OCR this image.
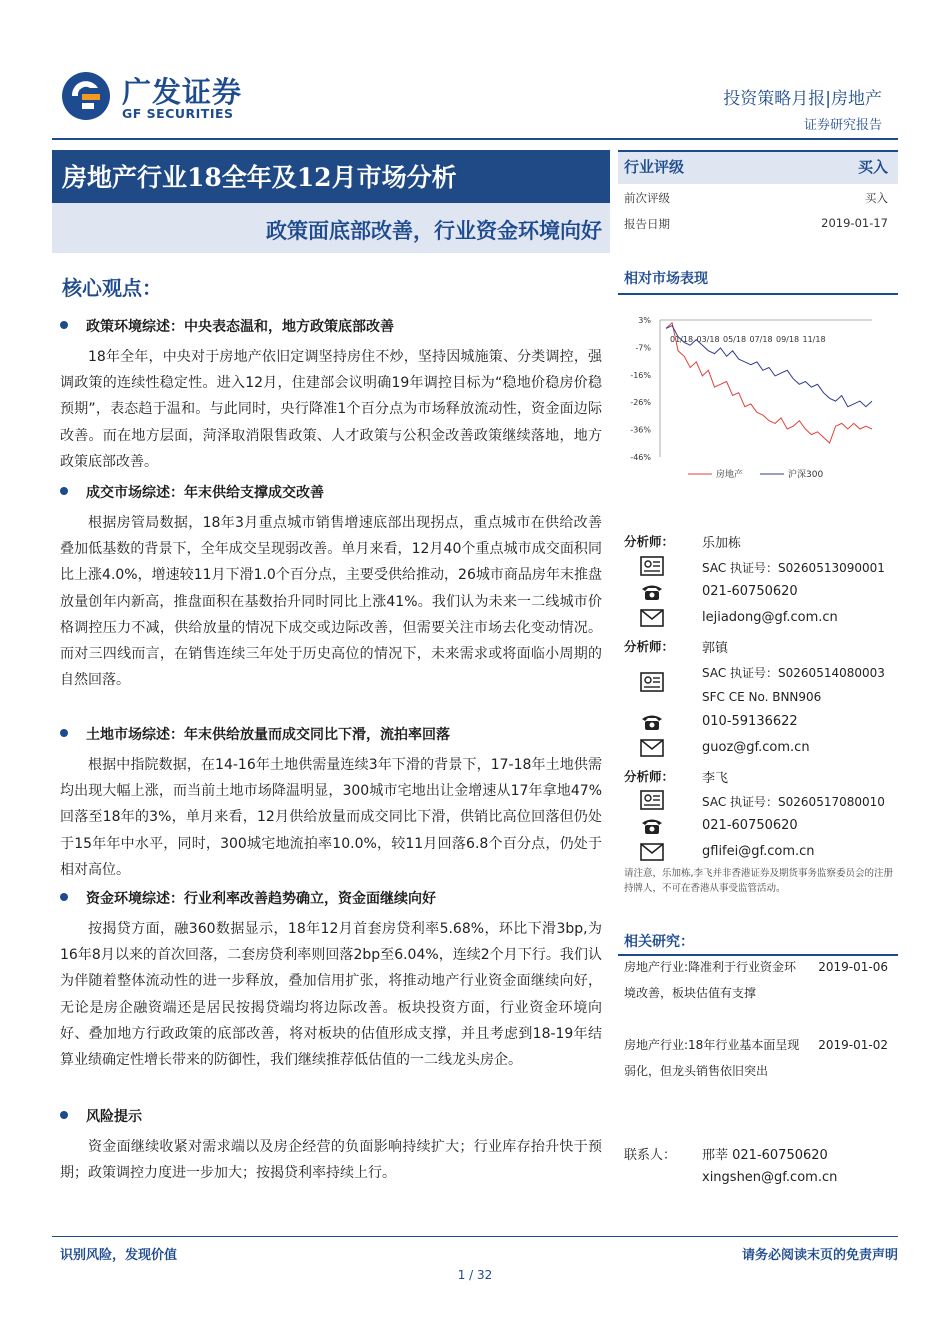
广发证券
GF SECURITIES
投资策略月报|房地产
证券研究报告
房地产行业18全年及12月市场分析
政策面底部改善，行业资金环境向好
行业评级	买入
前次评级	买入
报告日期	2019-01-17
相对市场表现
3%
-7%
-16%
-26%
-36%
-46%
01/18 03/18 05/18 07/18 09/18 11/18
房地产	沪深300
核心观点：
政策环境综述：中央表态温和，地方政策底部改善
18年全年，中央对于房地产依旧定调坚持房住不炒，坚持因城施策、分类调控，强调政策的连续性稳定性。进入12月，住建部会议明确19年调控目标为“稳地价稳房价稳预期”，表态趋于温和。与此同时，央行降准1个百分点为市场释放流动性，资金面边际改善。而在地方层面，菏泽取消限售政策、人才政策与公积金改善政策继续落地，地方政策底部改善。
成交市场综述：年末供给支撑成交改善
根据房管局数据，18年3月重点城市销售增速底部出现拐点，重点城市在供给改善叠加低基数的背景下，全年成交呈现弱改善。单月来看，12月40个重点城市成交面积同比上涨4.0%，增速较11月下滑1.0个百分点，主要受供给推动，26城市商品房年末推盘放量创年内新高，推盘面积在基数抬升同时同比上涨41%。我们认为未来一二线城市价格调控压力不减，供给放量的情况下成交或边际改善，但需要关注市场去化变动情况。而对三四线而言，在销售连续三年处于历史高位的情况下，未来需求或将面临小周期的自然回落。
土地市场综述：年末供给放量而成交同比下滑，流拍率回落
根据中指院数据，在14-16年土地供需量连续3年下滑的背景下，17-18年土地供需均出现大幅上涨，而当前土地市场降温明显，300城市宅地出让金增速从17年拿地47%回落至18年的3%，单月来看，12月供给放量而成交同比下滑，供销比高位回落但仍处于15年年中水平，同时，300城宅地流拍率10.0%，较11月回落6.8个百分点，仍处于相对高位。
资金环境综述：行业利率改善趋势确立，资金面继续向好
按揭贷方面，融360数据显示，18年12月首套房贷利率5.68%，环比下滑3bp,为16年8月以来的首次回落，二套房贷利率则回落2bp至6.04%，连续2个月下行。我们认为伴随着整体流动性的进一步释放，叠加信用扩张，将推动地产行业资金面继续向好，无论是房企融资端还是居民按揭贷端均将边际改善。板块投资方面，行业资金环境向好、叠加地方行政政策的底部改善，将对板块的估值形成支撑，并且考虑到18-19年结算业绩确定性增长带来的防御性，我们继续推荐低估值的一二线龙头房企。
风险提示
资金面继续收紧对需求端以及房企经营的负面影响持续扩大；行业库存抬升快于预期；政策调控力度进一步加大；按揭贷利率持续上行。
分析师： 乐加栋
SAC 执证号：S0260513090001
021-60750620
lejiadong@gf.com.cn
分析师： 郭镇
SAC 执证号：S0260514080003
SFC CE No. BNN906
010-59136622
guoz@gf.com.cn
分析师： 李飞
SAC 执证号：S0260517080010
021-60750620
gflifei@gf.com.cn
请注意，乐加栋,李飞并非香港证券及期货事务监察委员会的注册持牌人，不可在香港从事受监管活动。
相关研究：
房地产行业:降准利于行业资金环境改善，板块估值有支撑
2019-01-06
房地产行业:18年行业基本面呈现弱化，但龙头销售依旧突出
2019-01-02
联系人： 邢莘 021-60750620
xingshen@gf.com.cn
识别风险，发现价值	请务必阅读末页的免责声明
1 / 32
